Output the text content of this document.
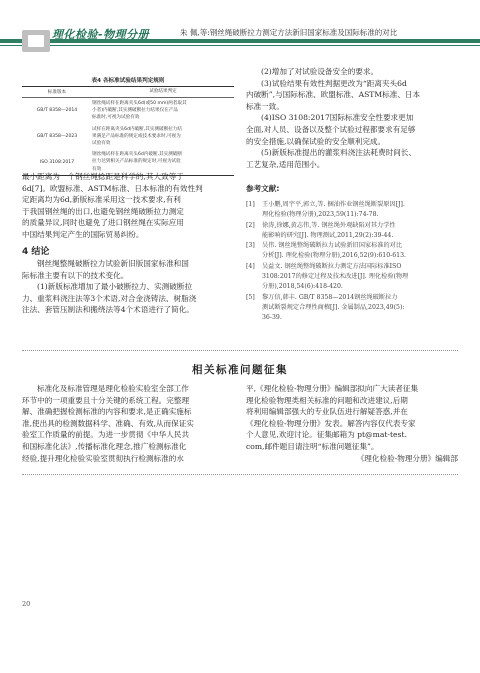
理化检验-物理分册	朱 佩,等:钢丝绳破断拉力测定方法新旧国家标准及国际标准的对比
表4 各标准试验结果判定规则
标准版本	试验结果判定
GB/T 8358—2014
钢丝绳试样在距离夹头6d(或50 mm)两者取其
小者)内破断,其实测破断拉力结果仅在产品
标准时,可视为试验有效
GB/T 8358—2023
试样在距离夹头6d内破断,其实测破断拉力结
果满足产品标准的规定或技术要求时,可视为
试验有效
ISO 3108:2017
钢丝绳试样在距离夹头6d内破断,其实测破断
拉力达到相关产品标准的规定时,可视为试验
有效
最小距离为一个钢丝绳捻距是科学的,其大致等于
6d[7]。欧盟标准、ASTM标准、日本标准的有效性判
定距离均为6d,新版标准采用这一技术要求,有利
于我国钢丝绳的出口,也避免钢丝绳破断拉力测定
的质量异议,同时也避免了进口钢丝绳在实际应用
中国结果判定产生的国际贸易纠纷。
4 结论
钢丝绳整绳破断拉力试验新旧版国家标准和国
际标准主要有以下的技术变化。
(1)新版标准增加了最小破断拉力、实测破断拉
力、重浆料浇注法等3个术语,对合金浇铸法、树脂浇
注法、套管压制法和搬绕法等4个术语进行了简化。
(2)增加了对试验设备安全的要求。
(3)试验结果有效性判据更改为“距离夹头6d
内破断”,与国际标准、欧盟标准、ASTM标准、日本
标准一致。
(4)ISO 3108:2017国际标准安全性要求更加
全面,对人员、设备以及整个试验过程都要求有足够
的安全措施,以确保试验的安全顺利完成。
(5)新版标准提出的灌浆料浇注法耗费时间长、
工艺复杂,适用范围小。
参考文献:
[1]	王小鹏,周宇平,郭立,等. 捆油作业钢丝绳断裂原因[J].
理化检验(物理分册),2023,59(11):74-78.
[2]	徐涛,徐娜,黄志伟,等. 钢丝绳外观缺陷对其力学性
能影响的研究[J]. 物理测试,2011,29(2):39-44.
[3]	吴伟. 钢丝绳整绳破断拉力试验新旧国家标准的对比
分析[J]. 理化检验(物理分册),2016,52(9):610-613.
[4]	吴益文. 钢丝绳整绳破断拉力测定方法国际标准ISO
3108:2017的修定过程及技术改进[J]. 理化检验(物理
分册),2018,54(6):418-420.
[5]	黎万信,韩丰. GB/T 8358—2014钢丝绳破断拉力
测试断裂规定合理性商榷[J]. 金属制品,2023,49(5):
36-39.
相关标准问题征集
标准化及标准管理是理化检验实验室全部工作
环节中的一项重要且十分关键的系统工程。完整理
解、准确把握检测标准的内容和要求,是正确实施标
准,使出具的检测数据科学、准确、有效,从而保证实
验室工作质量的前提。为进一步贯彻《中华人民共
和国标准化法》,传播标准化理念,推广检测标准化
经验,提升理化检验实验室贯彻执行检测标准的水
平,《理化检验-物理分册》编辑部拟向广大读者征集
理化检验物理类相关标准的问题和改进建议,后期
将利用编辑部强大的专业队伍进行解疑答惑,并在
《理化检验-物理分册》发表。解答内容仅代表专家
个人意见,欢迎讨论。征集邮箱为 pt@mat-test.
com,邮件题目请注明“标准问题征集”。
《理化检验-物理分册》编辑部
20
